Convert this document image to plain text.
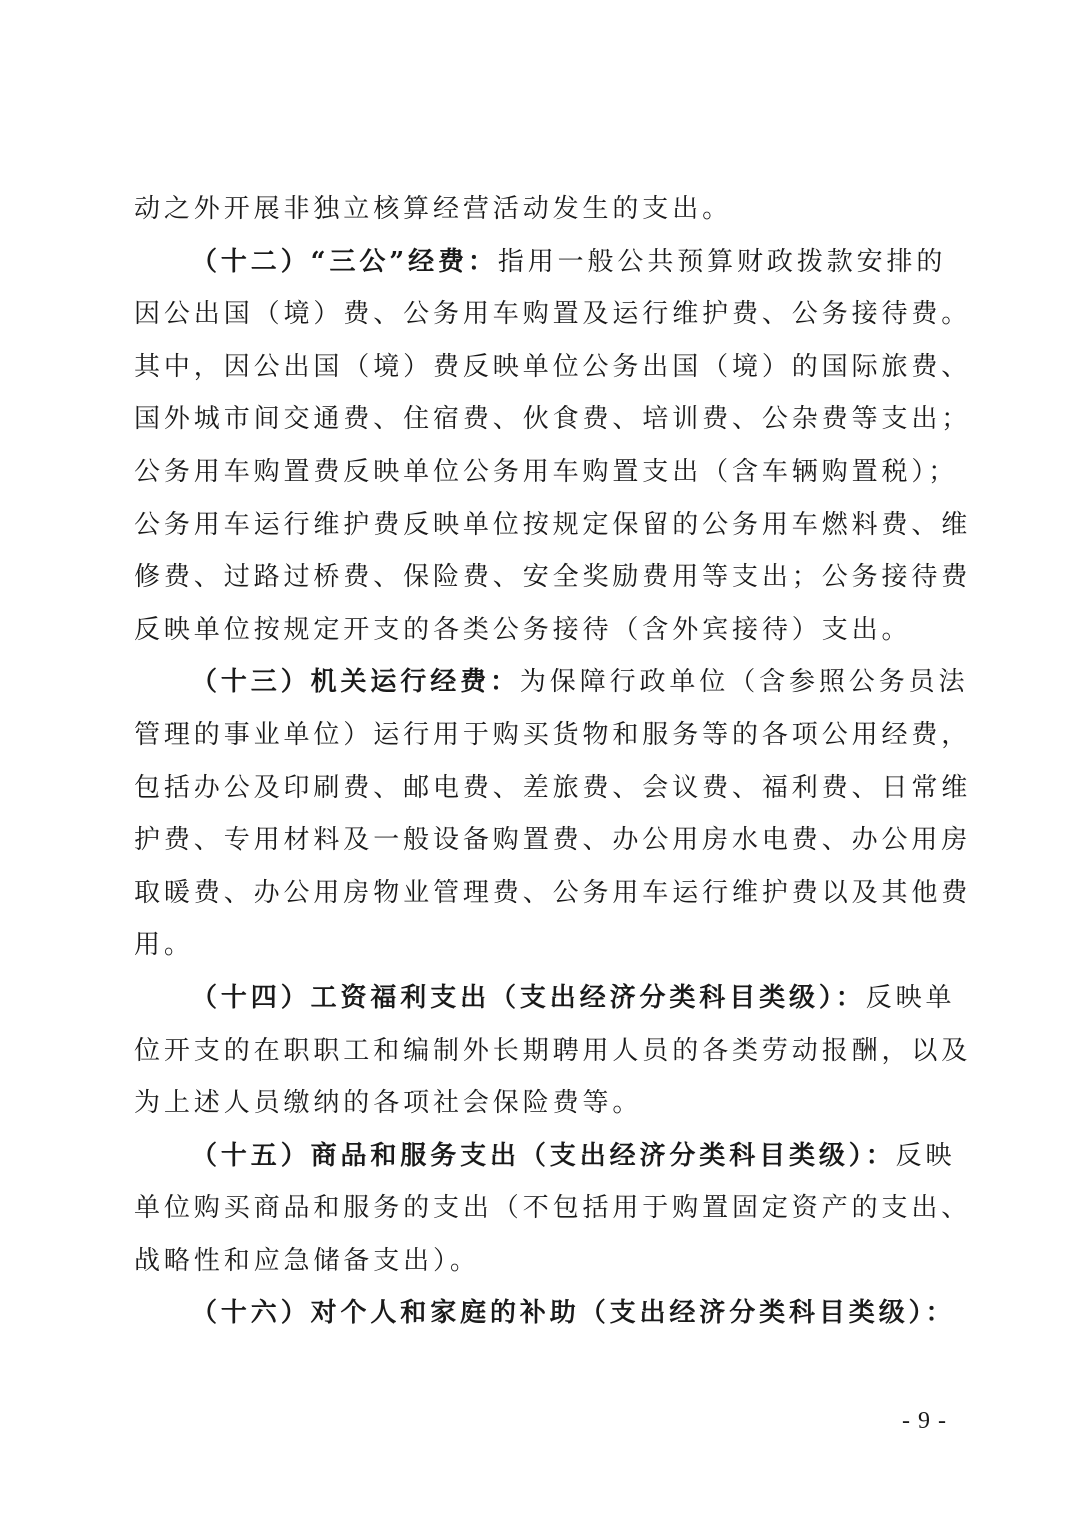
动之外开展非独立核算经营活动发生的支出。
（十二）“三公”经费：指用一般公共预算财政拨款安排的
因公出国（境）费、公务用车购置及运行维护费、公务接待费。
其中，因公出国（境）费反映单位公务出国（境）的国际旅费、
国外城市间交通费、住宿费、伙食费、培训费、公杂费等支出；
公务用车购置费反映单位公务用车购置支出（含车辆购置税）；
公务用车运行维护费反映单位按规定保留的公务用车燃料费、维
修费、过路过桥费、保险费、安全奖励费用等支出；公务接待费
反映单位按规定开支的各类公务接待（含外宾接待）支出。
（十三）机关运行经费：为保障行政单位（含参照公务员法
管理的事业单位）运行用于购买货物和服务等的各项公用经费，
包括办公及印刷费、邮电费、差旅费、会议费、福利费、日常维
护费、专用材料及一般设备购置费、办公用房水电费、办公用房
取暖费、办公用房物业管理费、公务用车运行维护费以及其他费
用。
（十四）工资福利支出（支出经济分类科目类级）：反映单
位开支的在职职工和编制外长期聘用人员的各类劳动报酬，以及
为上述人员缴纳的各项社会保险费等。
（十五）商品和服务支出（支出经济分类科目类级）：反映
单位购买商品和服务的支出（不包括用于购置固定资产的支出、
战略性和应急储备支出）。
（十六）对个人和家庭的补助（支出经济分类科目类级）：
- 9 -
